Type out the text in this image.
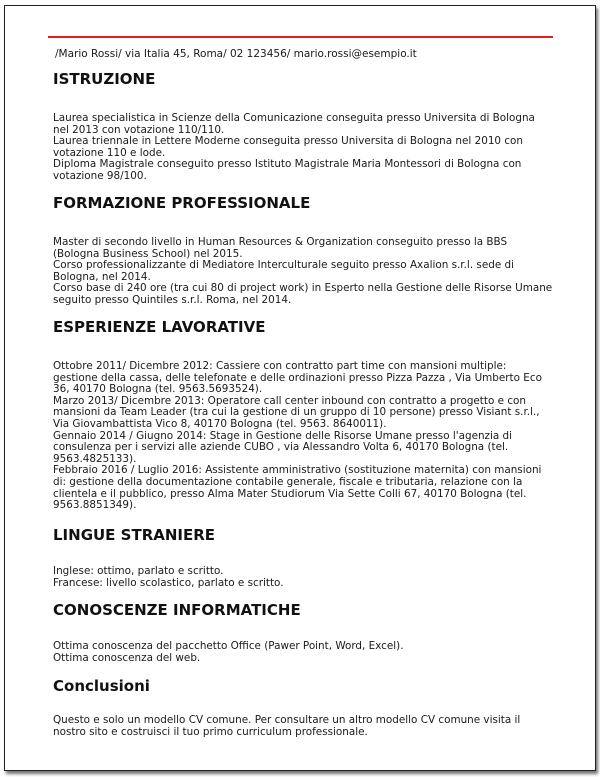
/Mario Rossi/ via Italia 45, Roma/ 02 123456/ mario.rossi@esempio.it
ISTRUZIONE

Laurea specialistica in Scienze della Comunicazione conseguita presso Universita di Bologna nel 2013 con votazione 110/110.

Laurea triennale in Lettere Moderne conseguita presso Universita di Bologna nel 2010 con votazione 110 e lode.

Diploma Magistrale conseguito presso Istituto Magistrale Maria Montessori di Bologna con votazione 98/100.

FORMAZIONE PROFESSIONALE

Master di secondo livello in Human Resources & Organization conseguito presso la BBS (Bologna Business School) nel 2015.

Corso professionalizzante di Mediatore Interculturale seguito presso Axalion s.r.l. sede di Bologna, nel 2014.

Corso base di 240 ore (tra cui 80 di project work) in Esperto nella Gestione delle Risorse Umane seguito presso Quintiles s.r.l. Roma, nel 2014.

ESPERIENZE LAVORATIVE

Ottobre 2011/ Dicembre 2012: Cassiere con contratto part time con mansioni multiple: gestione della cassa, delle telefonate e delle ordinazioni presso Pizza Pazza , Via Umberto Eco 36, 40170 Bologna (tel. 9563.5693524).

Marzo 2013/ Dicembre 2013: Operatore call center inbound con contratto a progetto e con mansioni da Team Leader (tra cui la gestione di un gruppo di 10 persone) presso Visiant s.r.l., Via Giovambattista Vico 8, 40170 Bologna (tel. 9563. 8640011).

Gennaio 2014 / Giugno 2014: Stage in Gestione delle Risorse Umane presso l'agenzia di consulenza per i servizi alle aziende CUBO , via Alessandro Volta 6, 40170 Bologna (tel. 9563.4825133).

Febbraio 2016 / Luglio 2016: Assistente amministrativo (sostituzione maternita) con mansioni di: gestione della documentazione contabile generale, fiscale e tributaria, relazione con la clientela e il pubblico, presso Alma Mater Studiorum Via Sette Colli 67, 40170 Bologna (tel. 9563.8851349).

LINGUE STRANIERE

Inglese: ottimo, parlato e scritto.

Francese: livello scolastico, parlato e scritto.

CONOSCENZE INFORMATICHE

Ottima conoscenza del pacchetto Office (Pawer Point, Word, Excel).

Ottima conoscenza del web.

Conclusioni

Questo e solo un modello CV comune. Per consultare un altro modello CV comune visita il nostro sito e costruisci il tuo primo curriculum professionale.
